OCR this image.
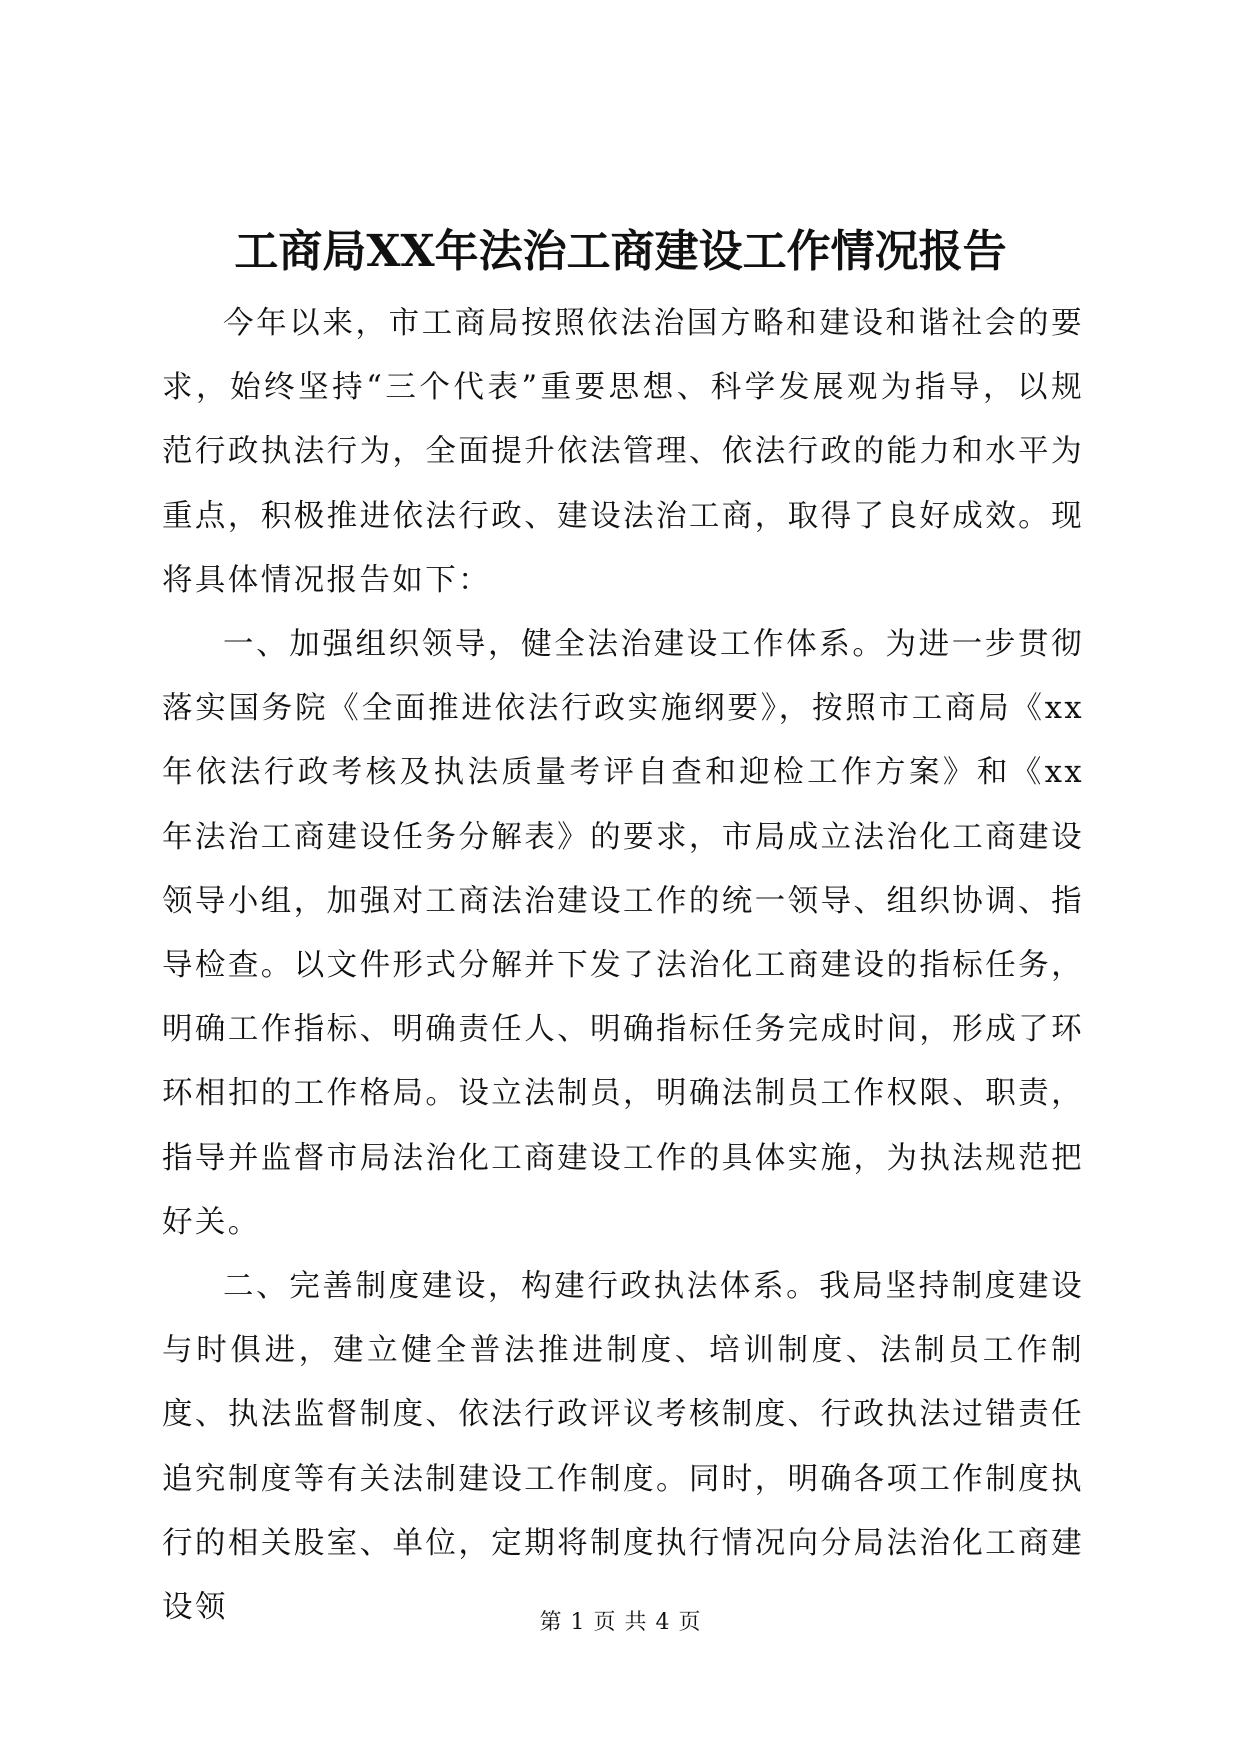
工商局XX年法治工商建设工作情况报告

今年以来，市工商局按照依法治国方略和建设和谐社会的要求，始终坚持“三个代表”重要思想、科学发展观为指导，以规范行政执法行为，全面提升依法管理、依法行政的能力和水平为重点，积极推进依法行政、建设法治工商，取得了良好成效。现将具体情况报告如下：

一、加强组织领导，健全法治建设工作体系。为进一步贯彻落实国务院《全面推进依法行政实施纲要》，按照市工商局《xx年依法行政考核及执法质量考评自查和迎检工作方案》和《xx年法治工商建设任务分解表》的要求，市局成立法治化工商建设领导小组，加强对工商法治建设工作的统一领导、组织协调、指导检查。以文件形式分解并下发了法治化工商建设的指标任务，明确工作指标、明确责任人、明确指标任务完成时间，形成了环环相扣的工作格局。设立法制员，明确法制员工作权限、职责，指导并监督市局法治化工商建设工作的具体实施，为执法规范把好关。

二、完善制度建设，构建行政执法体系。我局坚持制度建设与时俱进，建立健全普法推进制度、培训制度、法制员工作制度、执法监督制度、依法行政评议考核制度、行政执法过错责任追究制度等有关法制建设工作制度。同时，明确各项工作制度执行的相关股室、单位，定期将制度执行情况向分局法治化工商建设领	第 1 页 共 4 页
